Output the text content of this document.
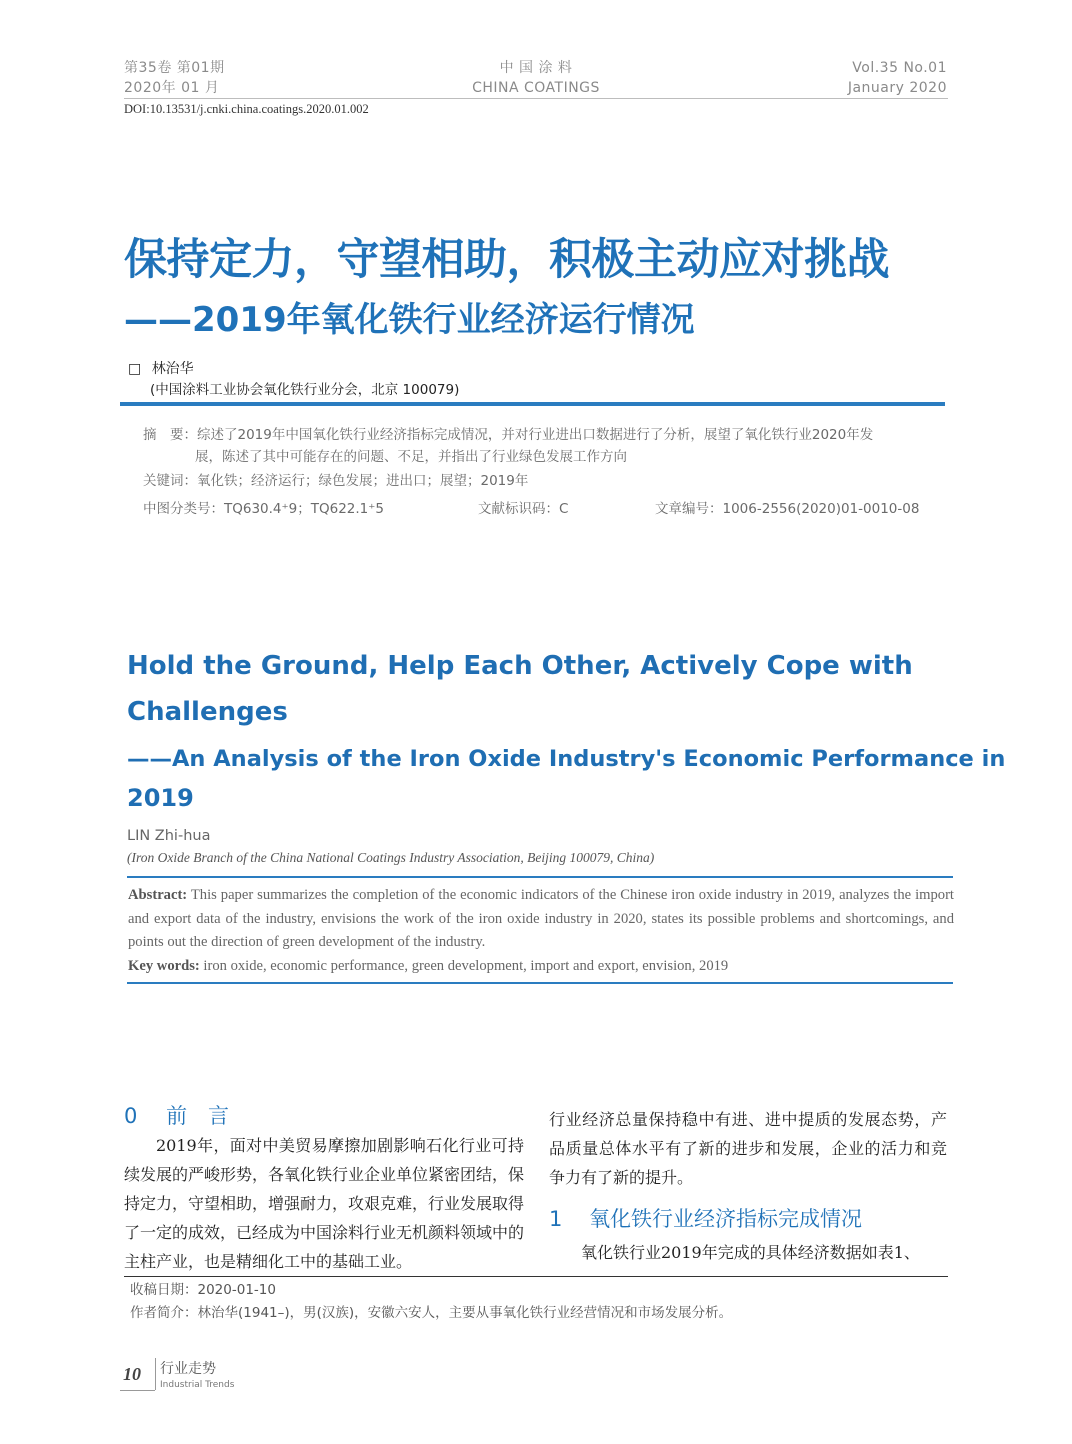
第35卷 第01期
2020年 01 月
中 国 涂 料
CHINA COATINGS
Vol.35 No.01
January 2020
DOI:10.13531/j.cnki.china.coatings.2020.01.002
保持定力，守望相助，积极主动应对挑战
——2019年氧化铁行业经济运行情况
□ 林治华
(中国涂料工业协会氧化铁行业分会，北京 100079)
摘　要：综述了2019年中国氧化铁行业经济指标完成情况，并对行业进出口数据进行了分析，展望了氧化铁行业2020年发
展，陈述了其中可能存在的问题、不足，并指出了行业绿色发展工作方向
关键词：氧化铁；经济运行；绿色发展；进出口；展望；2019年
中图分类号：TQ630.4⁺9；TQ622.1⁺5	文献标识码：C	文章编号：1006-2556(2020)01-0010-08
Hold the Ground, Help Each Other, Actively Cope with
Challenges
——An Analysis of the Iron Oxide Industry's Economic Performance in
2019
LIN Zhi-hua
(Iron Oxide Branch of the China National Coatings Industry Association, Beijing 100079, China)
Abstract: This paper summarizes the completion of the economic indicators of the Chinese iron oxide industry in 2019, analyzes the import and export data of the industry, envisions the work of the iron oxide industry in 2020, states its possible problems and shortcomings, and points out the direction of green development of the industry.
Key words: iron oxide, economic performance, green development, import and export, envision, 2019
0 前　言
2019年，面对中美贸易摩擦加剧影响石化行业可持续发展的严峻形势，各氧化铁行业企业单位紧密团结，保持定力，守望相助，增强耐力，攻艰克难，行业发展取得了一定的成效，已经成为中国涂料行业无机颜料领域中的主柱产业，也是精细化工中的基础工业。
行业经济总量保持稳中有进、进中提质的发展态势，产品质量总体水平有了新的进步和发展，企业的活力和竞争力有了新的提升。
1 氧化铁行业经济指标完成情况
氧化铁行业2019年完成的具体经济数据如表1、
收稿日期：2020-01-10
作者简介：林治华(1941–)，男(汉族)，安徽六安人，主要从事氧化铁行业经营情况和市场发展分析。
10 行业走势
Industrial Trends
